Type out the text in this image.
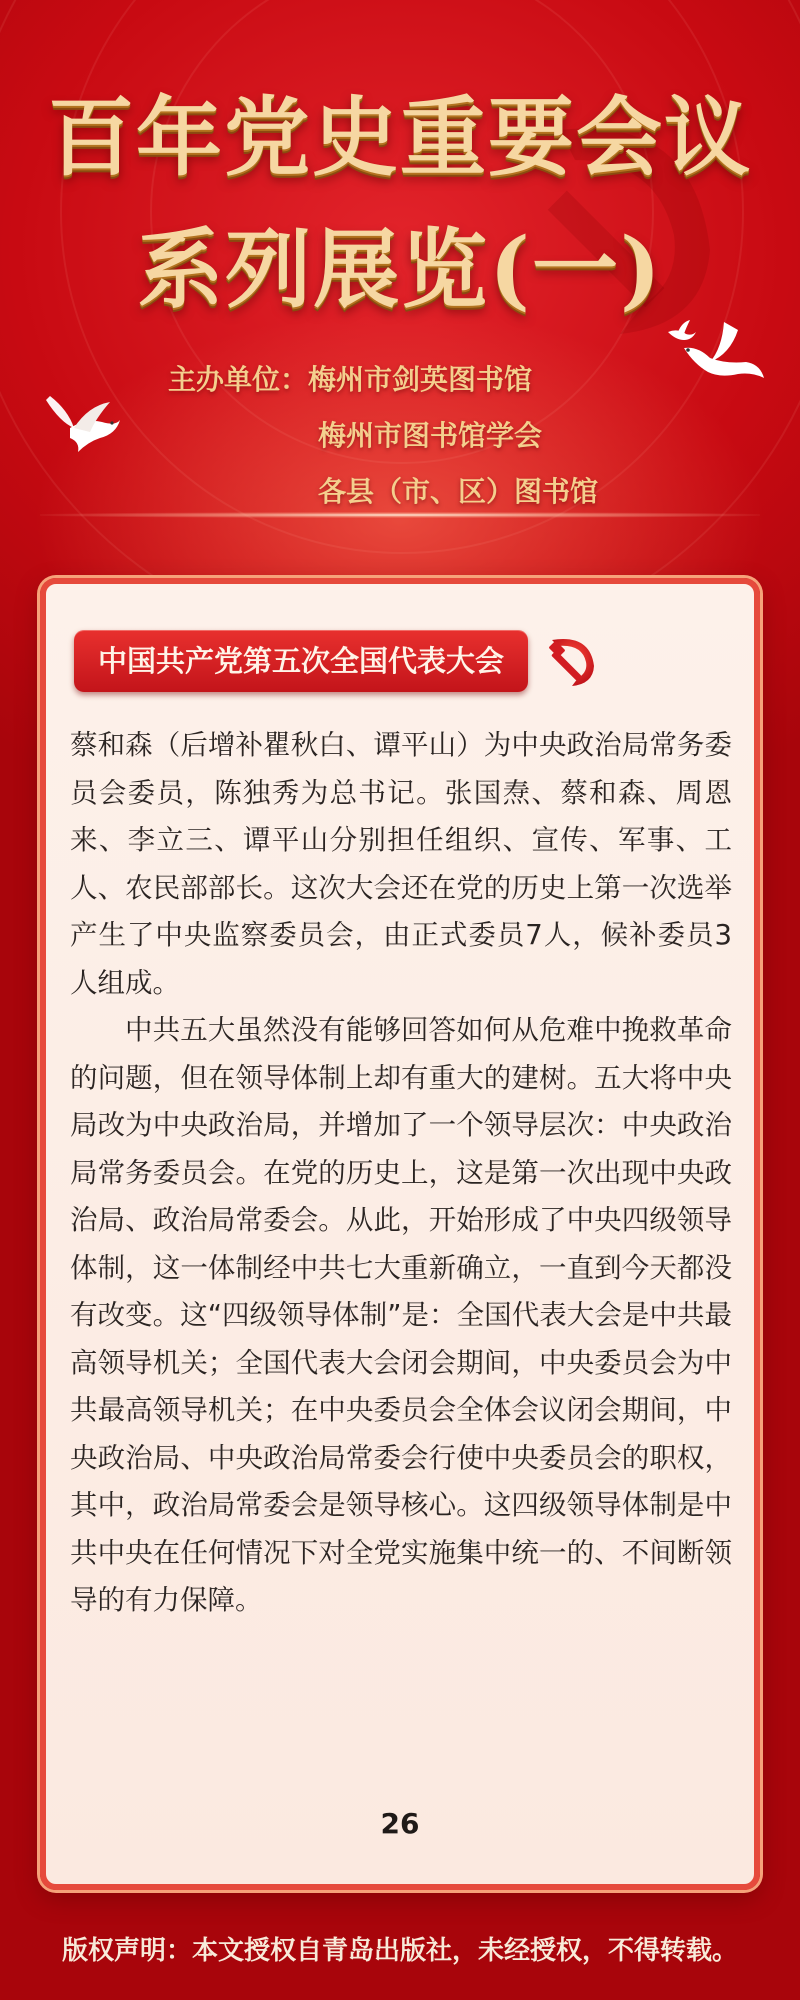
百年党史重要会议
系列展览(一)
主办单位：梅州市剑英图书馆
梅州市图书馆学会
各县（市、区）图书馆
中国共产党第五次全国代表大会

蔡和森（后增补瞿秋白、谭平山）为中央政治局常务委员会委员，陈独秀为总书记。张国焘、蔡和森、周恩来、李立三、谭平山分别担任组织、宣传、军事、工人、农民部部长。这次大会还在党的历史上第一次选举产生了中央监察委员会，由正式委员7人，候补委员3人组成。

中共五大虽然没有能够回答如何从危难中挽救革命的问题，但在领导体制上却有重大的建树。五大将中央局改为中央政治局，并增加了一个领导层次：中央政治局常务委员会。在党的历史上，这是第一次出现中央政治局、政治局常委会。从此，开始形成了中央四级领导体制，这一体制经中共七大重新确立，一直到今天都没有改变。这“四级领导体制”是：全国代表大会是中共最高领导机关；全国代表大会闭会期间，中央委员会为中共最高领导机关；在中央委员会全体会议闭会期间，中央政治局、中央政治局常委会行使中央委员会的职权，其中，政治局常委会是领导核心。这四级领导体制是中共中央在任何情况下对全党实施集中统一的、不间断领导的有力保障。

26
版权声明：本文授权自青岛出版社，未经授权，不得转载。
